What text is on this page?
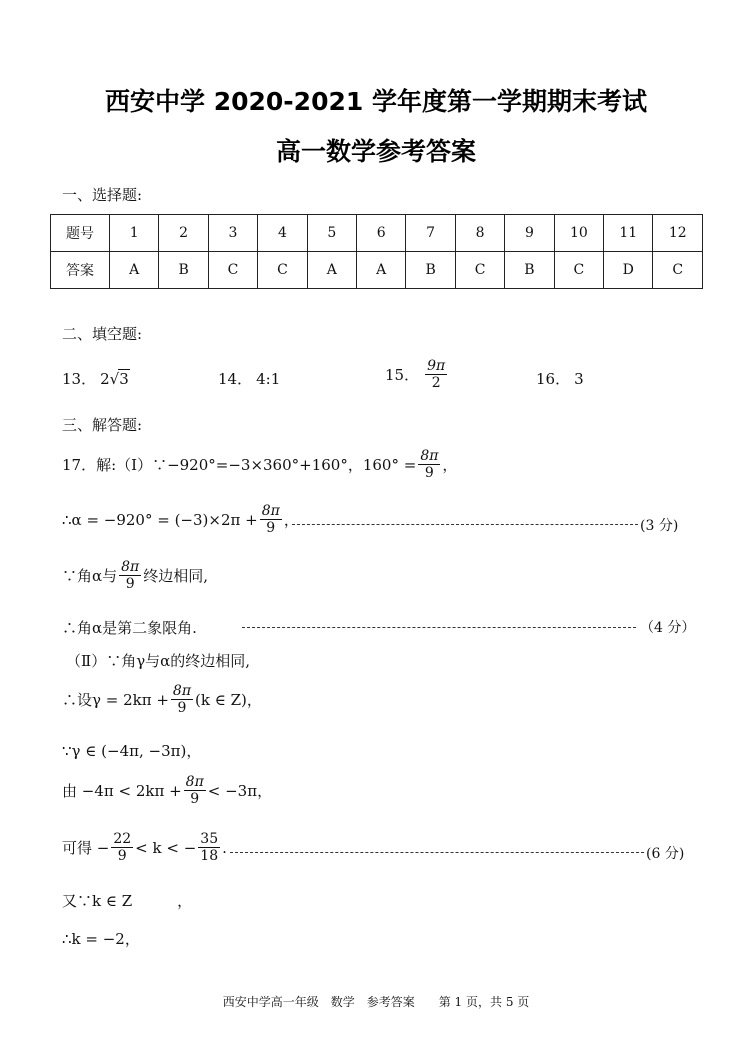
西安中学 2020-2021 学年度第一学期期末考试
高一数学参考答案
一、选择题:
题号	1	2	3	4	5	6	7	8	9	10	11	12
答案	A	B	C	C	A	A	B	C	B	C	D	C
二、填空题:
13． 2 √ 3	14． 4:1	15． $\frac{9\pi}{2}$	16． 3
三、解答题:
17．解:（Ⅰ）∵−920°=−3×360°+160°，$160^\circ = \frac{8\pi}{9}$ ，
∴α = $-920^\circ = (-3)\times 2\pi + \frac{8\pi}{9}$ ，	(3 分)
∵角α与 $\frac{8\pi}{9}$ 终边相同,
∴角α是第二象限角.	（4 分）
（Ⅱ）∵角γ与α的终边相同,
∴设$\gamma = 2k\pi + \frac{8\pi}{9} (k$ ∈ Z)，
∵γ ∈ (−4π, −3π)，
由 $-4\pi < 2k\pi + \frac{8\pi}{9} < -3\pi$，
可得 − $\frac{22}{9} < k$ < − $\frac{35}{18}$ .	(6 分)
又∵k ∈ Z　　　，
∴k = −2，
西安中学高一年级　数学　参考答案　　第 1 页，共 5 页
